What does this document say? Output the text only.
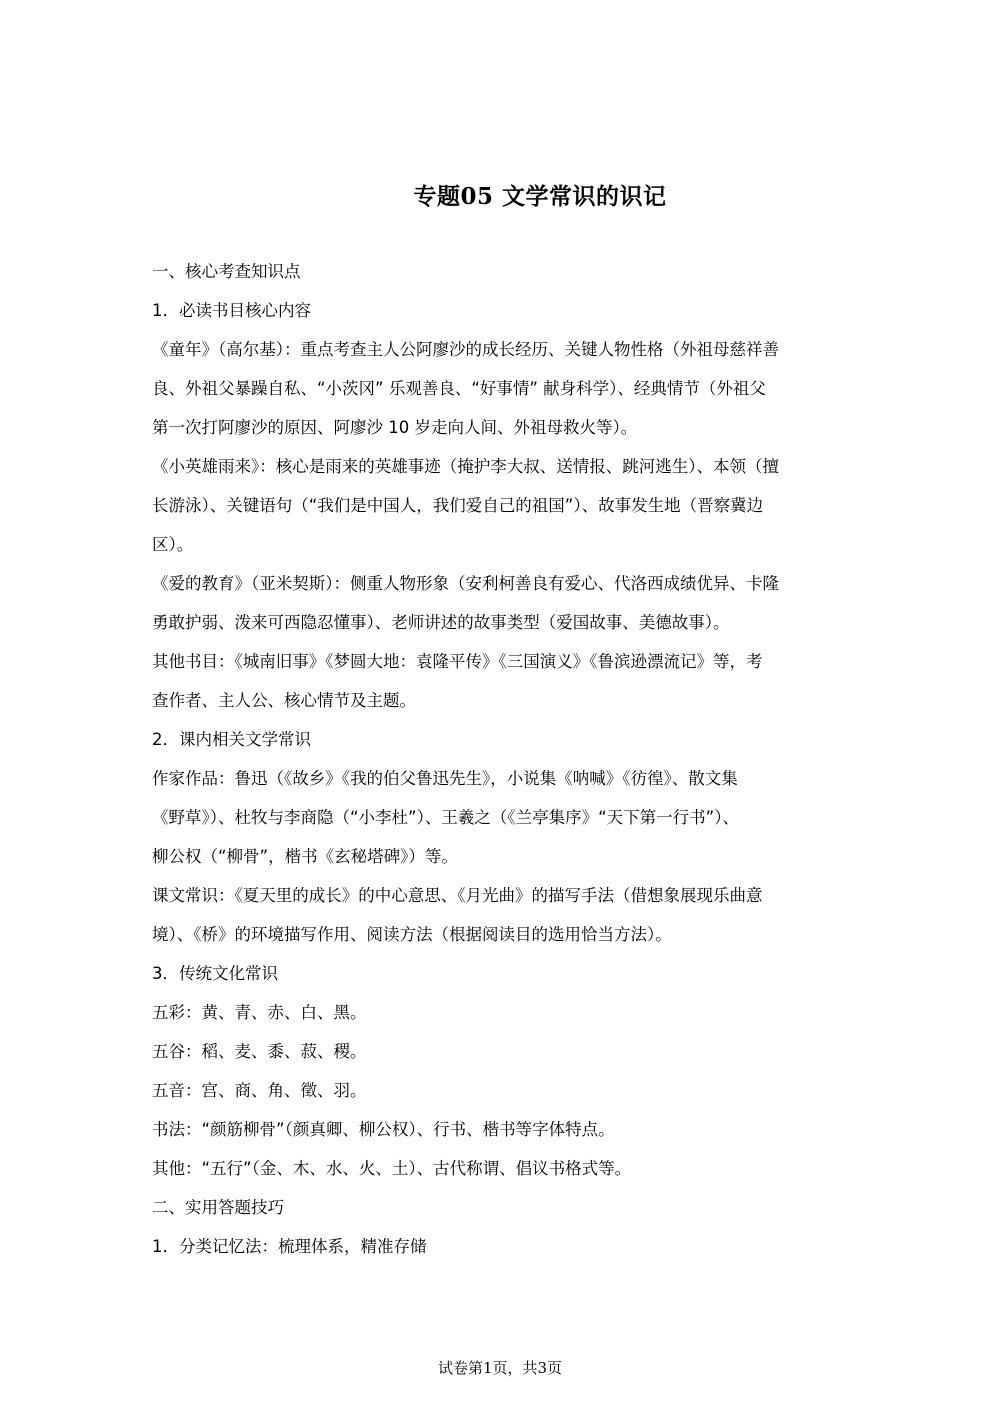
专题05 文学常识的识记

一、核心考查知识点

1．必读书目核心内容

《童年》（高尔基）：重点考查主人公阿廖沙的成长经历、关键人物性格（外祖母慈祥善

良、外祖父暴躁自私、“小茨冈” 乐观善良、“好事情” 献身科学）、经典情节（外祖父

第一次打阿廖沙的原因、阿廖沙 10 岁走向人间、外祖母救火等）。

《小英雄雨来》：核心是雨来的英雄事迹（掩护李大叔、送情报、跳河逃生）、本领（擅

长游泳）、关键语句（“我们是中国人，我们爱自己的祖国”）、故事发生地（晋察冀边

区）。

《爱的教育》（亚米契斯）：侧重人物形象（安利柯善良有爱心、代洛西成绩优异、卡隆

勇敢护弱、泼来可西隐忍懂事）、老师讲述的故事类型（爱国故事、美德故事）。

其他书目：《城南旧事》《梦圆大地：袁隆平传》《三国演义》《鲁滨逊漂流记》等，考

查作者、主人公、核心情节及主题。

2．课内相关文学常识

作家作品：鲁迅（《故乡》《我的伯父鲁迅先生》，小说集《呐喊》《彷徨》、散文集

《野草》）、杜牧与李商隐（“小李杜”）、王羲之（《兰亭集序》“天下第一行书”）、

柳公权（“柳骨”，楷书《玄秘塔碑》）等。

课文常识：《夏天里的成长》的中心意思、《月光曲》的描写手法（借想象展现乐曲意

境）、《桥》的环境描写作用、阅读方法（根据阅读目的选用恰当方法）。

3．传统文化常识

五彩：黄、青、赤、白、黑。

五谷：稻、麦、黍、菽、稷。

五音：宫、商、角、徵、羽。

书法：“颜筋柳骨”（颜真卿、柳公权）、行书、楷书等字体特点。

其他：“五行”（金、木、水、火、土）、古代称谓、倡议书格式等。

二、实用答题技巧

1．分类记忆法：梳理体系，精准存储

试卷第1页，共3页
